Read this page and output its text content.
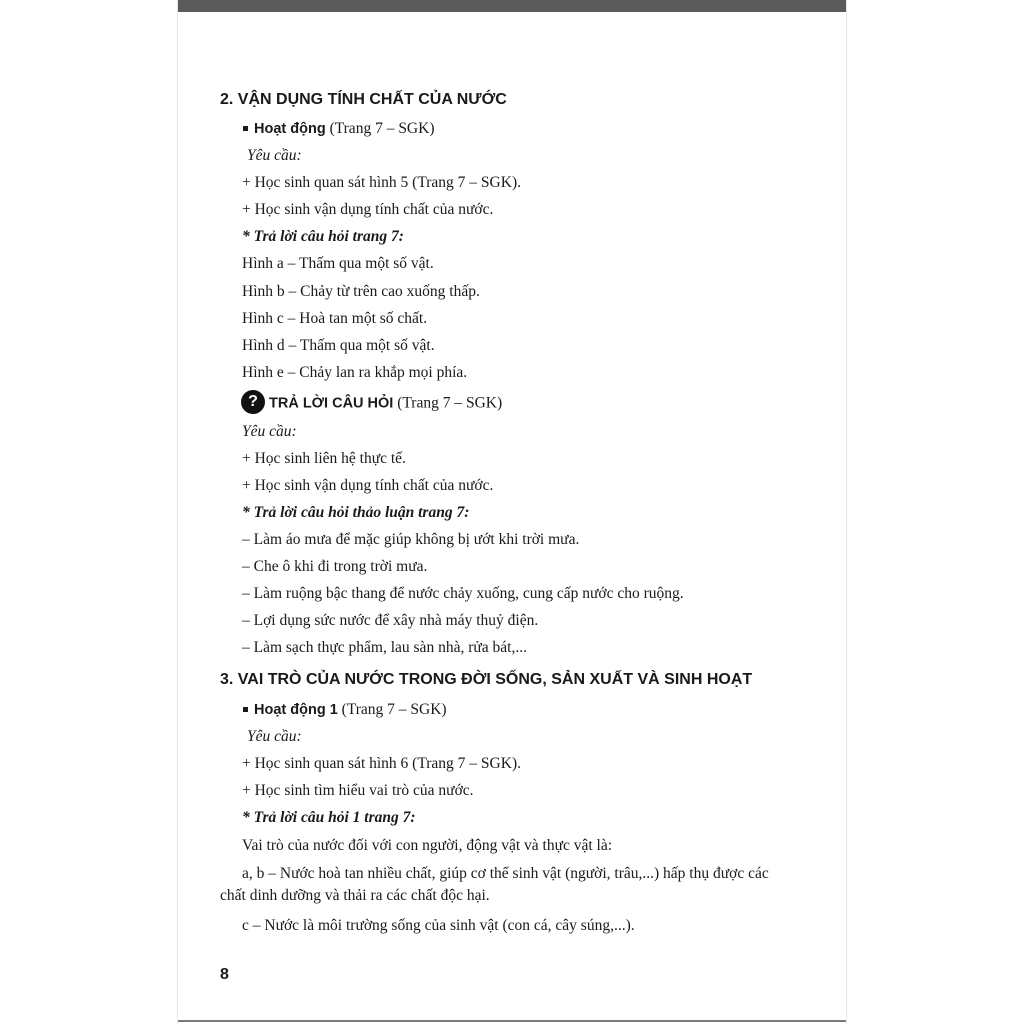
2. VẬN DỤNG TÍNH CHẤT CỦA NƯỚC
Hoạt động (Trang 7 – SGK)
Yêu cầu:
+ Học sinh quan sát hình 5 (Trang 7 – SGK).
+ Học sinh vận dụng tính chất của nước.
* Trả lời câu hỏi trang 7:
Hình a – Thấm qua một số vật.
Hình b – Chảy từ trên cao xuống thấp.
Hình c – Hoà tan một số chất.
Hình d – Thấm qua một số vật.
Hình e – Chảy lan ra khắp mọi phía.
? TRẢ LỜI CÂU HỎI (Trang 7 – SGK)
Yêu cầu:
+ Học sinh liên hệ thực tế.
+ Học sinh vận dụng tính chất của nước.
* Trả lời câu hỏi thảo luận trang 7:
– Làm áo mưa để mặc giúp không bị ướt khi trời mưa.
– Che ô khi đi trong trời mưa.
– Làm ruộng bậc thang để nước chảy xuống, cung cấp nước cho ruộng.
– Lợi dụng sức nước để xây nhà máy thuỷ điện.
– Làm sạch thực phẩm, lau sàn nhà, rửa bát,...
3. VAI TRÒ CỦA NƯỚC TRONG ĐỜI SỐNG, SẢN XUẤT VÀ SINH HOẠT
Hoạt động 1 (Trang 7 – SGK)
Yêu cầu:
+ Học sinh quan sát hình 6 (Trang 7 – SGK).
+ Học sinh tìm hiểu vai trò của nước.
* Trả lời câu hỏi 1 trang 7:
Vai trò của nước đối với con người, động vật và thực vật là:
a, b – Nước hoà tan nhiều chất, giúp cơ thể sinh vật (người, trâu,...) hấp thụ được các chất dinh dưỡng và thải ra các chất độc hại.
c – Nước là môi trường sống của sinh vật (con cá, cây súng,...).
8
